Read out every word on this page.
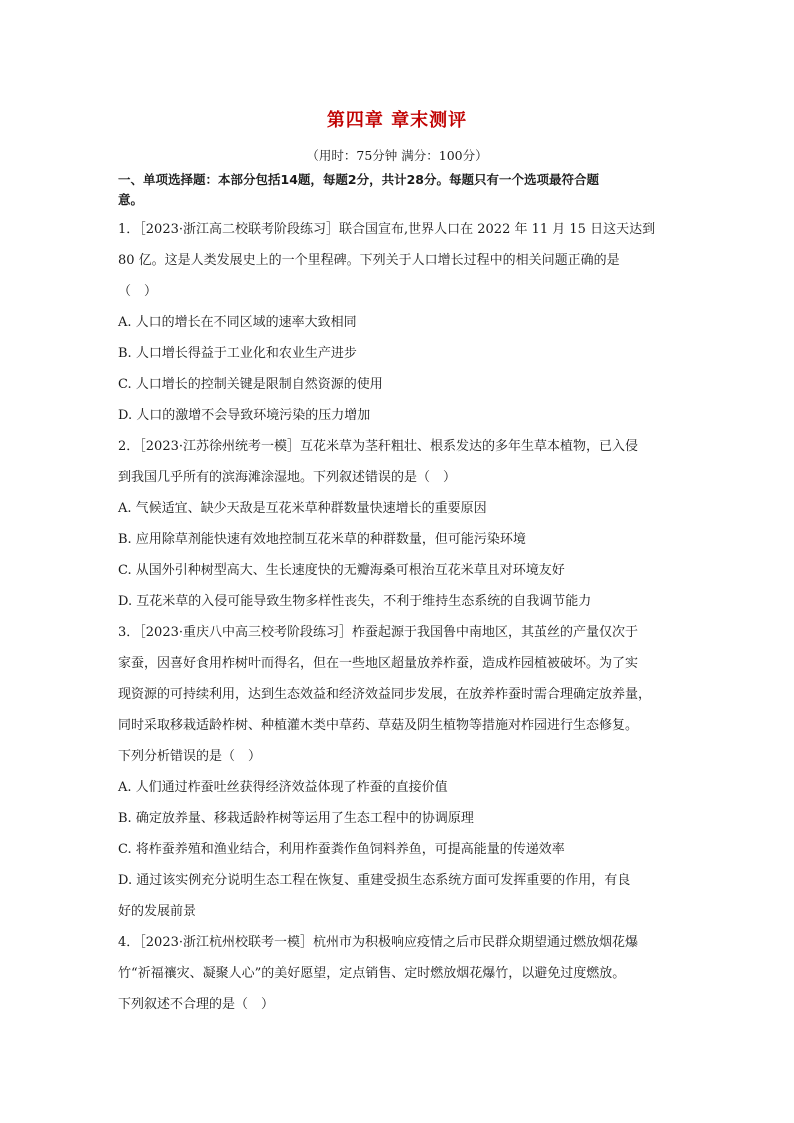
第四章 章末测评
（用时：75分钟 满分：100分）
一、单项选择题：本部分包括14题，每题2分，共计28分。每题只有一个选项最符合题
意。
1．［2023·浙江高二校联考阶段练习］联合国宣布,世界人口在 2022 年 11 月 15 日这天达到
80 亿。这是人类发展史上的一个里程碑。下列关于人口增长过程中的相关问题正确的是
（　）
A. 人口的增长在不同区域的速率大致相同
B. 人口增长得益于工业化和农业生产进步
C. 人口增长的控制关键是限制自然资源的使用
D. 人口的激增不会导致环境污染的压力增加
2．［2023·江苏徐州统考一模］互花米草为茎秆粗壮、根系发达的多年生草本植物，已入侵
到我国几乎所有的滨海滩涂湿地。下列叙述错误的是（　）
A. 气候适宜、缺少天敌是互花米草种群数量快速增长的重要原因
B. 应用除草剂能快速有效地控制互花米草的种群数量，但可能污染环境
C. 从国外引种树型高大、生长速度快的无瓣海桑可根治互花米草且对环境友好
D. 互花米草的入侵可能导致生物多样性丧失，不利于维持生态系统的自我调节能力
3．［2023·重庆八中高三校考阶段练习］柞蚕起源于我国鲁中南地区，其茧丝的产量仅次于
家蚕，因喜好食用柞树叶而得名，但在一些地区超量放养柞蚕，造成柞园植被破坏。为了实
现资源的可持续利用，达到生态效益和经济效益同步发展，在放养柞蚕时需合理确定放养量，
同时采取移栽适龄柞树、种植灌木类中草药、草菇及阴生植物等措施对柞园进行生态修复。
下列分析错误的是（　）
A. 人们通过柞蚕吐丝获得经济效益体现了柞蚕的直接价值
B. 确定放养量、移栽适龄柞树等运用了生态工程中的协调原理
C. 将柞蚕养殖和渔业结合，利用柞蚕粪作鱼饲料养鱼，可提高能量的传递效率
D. 通过该实例充分说明生态工程在恢复、重建受损生态系统方面可发挥重要的作用，有良
好的发展前景
4．［2023·浙江杭州校联考一模］杭州市为积极响应疫情之后市民群众期望通过燃放烟花爆
竹“祈福禳灾、凝聚人心”的美好愿望，定点销售、定时燃放烟花爆竹，以避免过度燃放。
下列叙述不合理的是（　）
